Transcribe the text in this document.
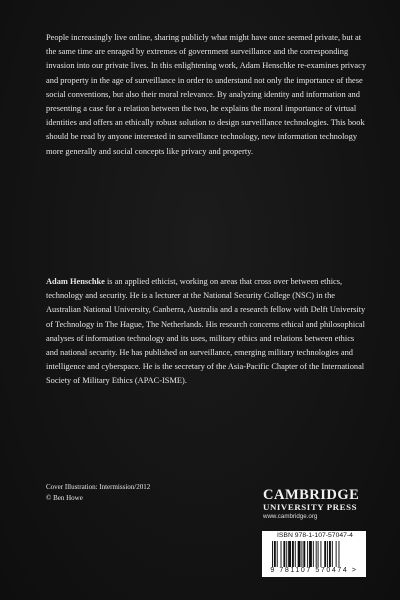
People increasingly live online, sharing publicly what might have once seemed private, but at the same time are enraged by extremes of government surveillance and the corresponding invasion into our private lives. In this enlightening work, Adam Henschke re-examines privacy and property in the age of surveillance in order to understand not only the importance of these social conventions, but also their moral relevance. By analyzing identity and information and presenting a case for a relation between the two, he explains the moral importance of virtual identities and offers an ethically robust solution to design surveillance technologies. This book should be read by anyone interested in surveillance technology, new information technology more generally and social concepts like privacy and property.

Adam Henschke is an applied ethicist, working on areas that cross over between ethics, technology and security. He is a lecturer at the National Security College (NSC) in the Australian National University, Canberra, Australia and a research fellow with Delft University of Technology in The Hague, The Netherlands. His research concerns ethical and philosophical analyses of information technology and its uses, military ethics and relations between ethics and national security. He has published on surveillance, emerging military technologies and intelligence and cyberspace. He is the secretary of the Asia-Pacific Chapter of the International Society of Military Ethics (APAC-ISME).

Cover Illustration: Intermission/2012
© Ben Howe	CAMBRIDGE
UNIVERSITY PRESS
www.cambridge.org
ISBN 978-1-107-57047-4
9 781107 570474 >
